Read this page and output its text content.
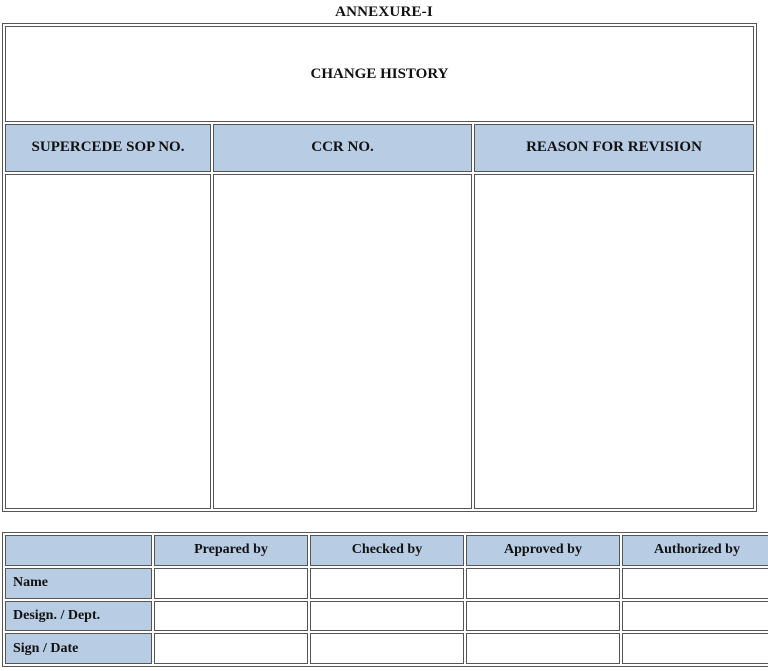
ANNEXURE-I
CHANGE HISTORY		
SUPERCEDE SOP NO.	CCR NO.	REASON FOR REVISION

	Prepared by	Checked by	Approved by	Authorized by
Name				
Design. / Dept.				
Sign / Date				
